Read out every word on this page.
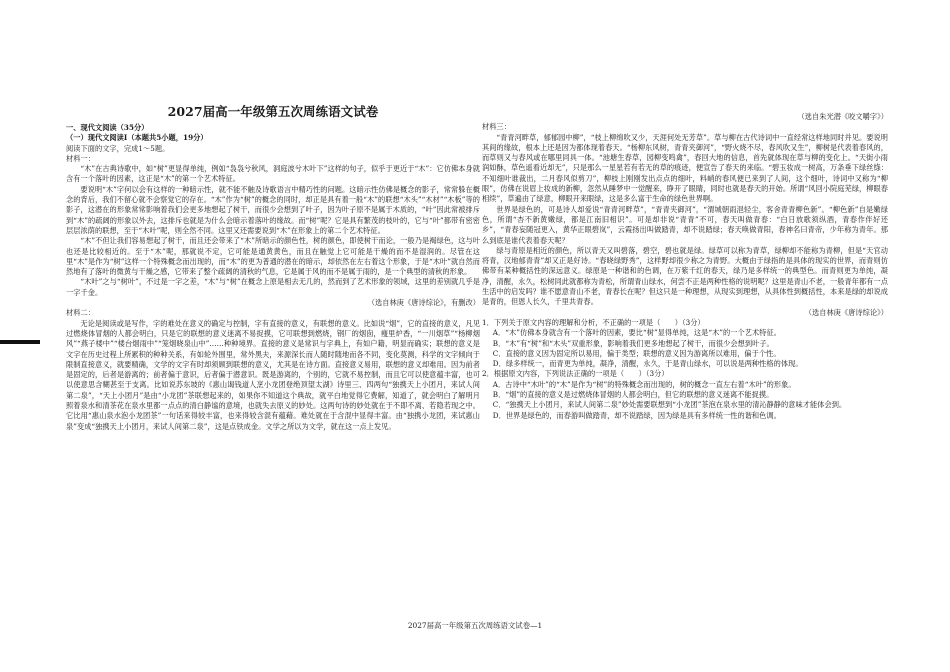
2027届高一年级第五次周练语文试卷
一、现代文阅读（35分）
（一）现代文阅读Ⅰ（本题共5小题，19分）
阅读下面的文字，完成1～5题。
材料一：

“木”在古典诗歌中，如“树”更显得单纯，例如“袅袅兮秋风，洞庭波兮木叶下”这样的句子，似乎于更近于“木”：它仿佛本身就含有一个落叶的因素，这正是“木”的第一个艺术特征。

要说明“木”字何以会有这样的一种暗示性，就不能不触及诗歌语言中精巧性的问题。这暗示性仿佛是概念的影子，常常躲在概念的背后，我们不留心就不会察觉它的存在。“木”作为“树”的概念的同时，却正是具有着一般“木”的联想“木头”“木材”“木板”等的影子，这潜在的形象常常影响着我们会更多地想起了树干，而很少会想到了叶子，因为叶子原不是属于木质的，“叶”因此常被排斥到“木”的疏阔的形象以外去，这排斥也就是为什么会暗示着落叶的缘故。而“树”呢？它是具有繁茂的枝叶的，它与“叶”都带有密密层层浓荫的联想，至于“木叶”呢，则全然不同。这里又还需要说到“木”在形象上的第二个艺术特征。

“木”不但让我们容易想起了树干，而且还会带来了“木”所暗示的颜色性，树的颜色，即使树干而论，一般乃是褐绿色，这与叶也还是比较相近的。至于“木”呢，那就说不定，它可能是通黄黄色，而且在触觉上它可能是干燥的而不是湿润的。尽管在这里“木”是作为“树”这样一个特殊概念而出现的，而“木”的更为普通的潜在的暗示，却依然在左右着这个形象，于是“木叶”就自然而然地有了落叶的微黄与干燥之感，它带来了整个疏阔的清秋的气息，它是属于风的而不是属于雨的，是一个典型的清秋的形象。

“木叶”之与“树叶”，不过是一字之差，“木”与“树”在概念上原是相去无几的，然而到了艺术形象的领域，这里的差别就几乎是一字千金。

（选自林庚《唐诗综论》，有删改）
材料二：

无论是阅读或是写作，字的难处在意义的确定与控制，字有直接的意义，有联想的意义。比如说“烟”，它的直接的意义，凡见过燃烧体冒烟的人都会明白，只是它的联想的意义迷离不易捉摸，它可联想到燃烧，钢厂的烟囱，瘦里炉香，“一川烟草”“杨柳烟风”“燕子楼中”“楼台烟雨中”“笼烟晓泉山中”……种种境界。直接的意义是常识与字典上，有如户籍，明显而确实；联想的意义是文字在历史过程上所累积的种种关系，有如轮外围里，常外黑夫，来源深长而人随时随地而各不同，变化莫测，科学的文字倾向于限制直接意义，就要精确，文学的文字有时却须顾到联想的意义，尤其是在诗方面。直接意义易用，联想的意义却难用。因为前者是固定的，后者是游离的；前者偏于意识，后者偏于潜意识。既是游离的，个别的，它就不易控制，而且它可以使意蕴丰富，也可以使意思含糊甚至于支离。比如说苏东坡的《惠山谒钱道人烹小龙团登绝顶望太湖》诗里三、四两句“独携天上小团月，来试人间第二泉”，“天上小团月”是由“小龙团”茶联想起来的，如果你不知道这个典故，就平白地觉得它费解，知道了，就会明白了解明月照着泉水和清茶花在泉水里都一点点的清白静谧的意境，也就失去原义的妙处。这两句诗的妙处就在于不即不离、若隐若现之中。它比用“惠山泉水泡小龙团茶”一句话来得较丰富，也来得较含混有蕴藉。难处就在于含混中显得丰富。由“独携小龙团，来试惠山泉”变成“独携天上小团月，来试人间第二泉”，这是点铁成金。文学之所以为文学，就在这一点上发见。

（选自朱光潜《咬文嚼字》）
材料三：

“青青河畔草，郁郁园中柳”，“枝上柳绵吹又少，天涯何处无芳草”。草与柳在古代诗词中一直经常这样地同时并见。要说明其间的缘故，根本上还是因为都体现着春天。“杨柳东风树，青青夹御河”，“野火烧不尽，春风吹又生”，柳树是代表着春风的，而草则又与春风或在哪里同具一体。“池塘生春草，园柳变鸣禽”，春回大地的信息，首先就体现在草与柳的变化上。“天街小雨润如酥，草色遥看近却无”，只是那么一星星若有若无的草的痕迹，便宣告了春天的来临。“碧玉妆成一树高，万条垂下绿丝绦：不知细叶谁裁出，二月春风似剪刀”，柳枝上刚刚发出点点的细叶，料峭的春风便已来到了人间，这个细叶，诗词中又称为“柳眼”，仿佛在说眉上妆成的新柳，忽然从睡梦中一觉醒来，睁开了眼睛，同时也就是春天的开始。所谓“风回小院庭芜绿，柳眼春相续”，草遍由了绿意，柳眼开来眼绿，这是多么富于生命的绿色世界啊。

世界是绿色的，可是诗人却爱说“青青河畔草”，“青青夹御河”，“渭城朝雨浥轻尘，客舍青青柳色新”。“柳色新”自是嫩绿色，所谓“杏不新黄嫩绿，都是江南旧相识”。可是却非说“青青”不可，春天叫做青春：“白日放歌须纵酒，青春作伴好还乡”，“青春妄随冠更入，黄华正眼碧岚”，云霞扬出叫做踏青，却不说踏绿；春天唤做青阳，春神名曰青帝，少年称为青年。那么到底是谁代表着春天呢？

绿与青原是相近的颜色，所以青天又叫碧落，碧空，碧也就是绿。绿草可以称为青草，绿柳却不能称为青柳，但是“天官动将青，汉地郁青青”却又正是好诗。“春晓绿野秀”，这样野却很少称之为青野。大概由于绿指的是具体的现实的世界，而青则仿佛带有某种概括性的深远意义。绿原是一种谐和的色调，在万紫千红的春天，绿乃是多样统一的典型色。而青则更为单纯，凝净，清醒，永久，松树同此就都称为青松，所谓青山绿水，何尝不正是两种性格的说明呢？这里是青山不老，一般青年都有一点生活中的启发吗？谁不愿意青山不老，青春长在呢？但这只是一种理想，从现实到理想，从具体性到概括性，本来是绿的却说成是青的，但恩人长久，千里共青春。

（选自林庚《唐诗综论》）
1．下列关于原文内容的理解和分析，不正确的一项是（　　）（3分）
A．“木”仿佛本身就含有一个落叶的因素，要比“树”显得单纯，这是“木”的一个艺术特征。
B．“木”有“树”和“木头”双重形象，影响着我们更多地想起了树干，而很少会想到叶子。
C．直接的意义因为固定所以易用，偏于类型；联想的意义因为游离所以难用，偏于个性。
D．绿多样统一，而青更为单纯，凝净，清醒，永久，于是青山绿水，可以说是两种性格的体现。
2．根据原文内容，下列说法正确的一项是（　　）（3分）
A．古诗中“木叶”的“木”是作为“树”的特殊概念而出现的，树的概念一直左右着“木叶”的形象。
B．“烟”的直接的意义是过燃烧体冒烟的人都会明白，但它的联想的意义迷离不能捉摸。
C．“独携天上小团月，来试人间第二泉”妙处需要联想到“小龙团”茶泡在泉水里的清沁静静的意味才能体会到。
D．世界是绿色的，而春游叫做踏青，却不说踏绿，因为绿是具有多样统一性的谐和色调。
2027届高一年级第五次周练语文试卷—1
